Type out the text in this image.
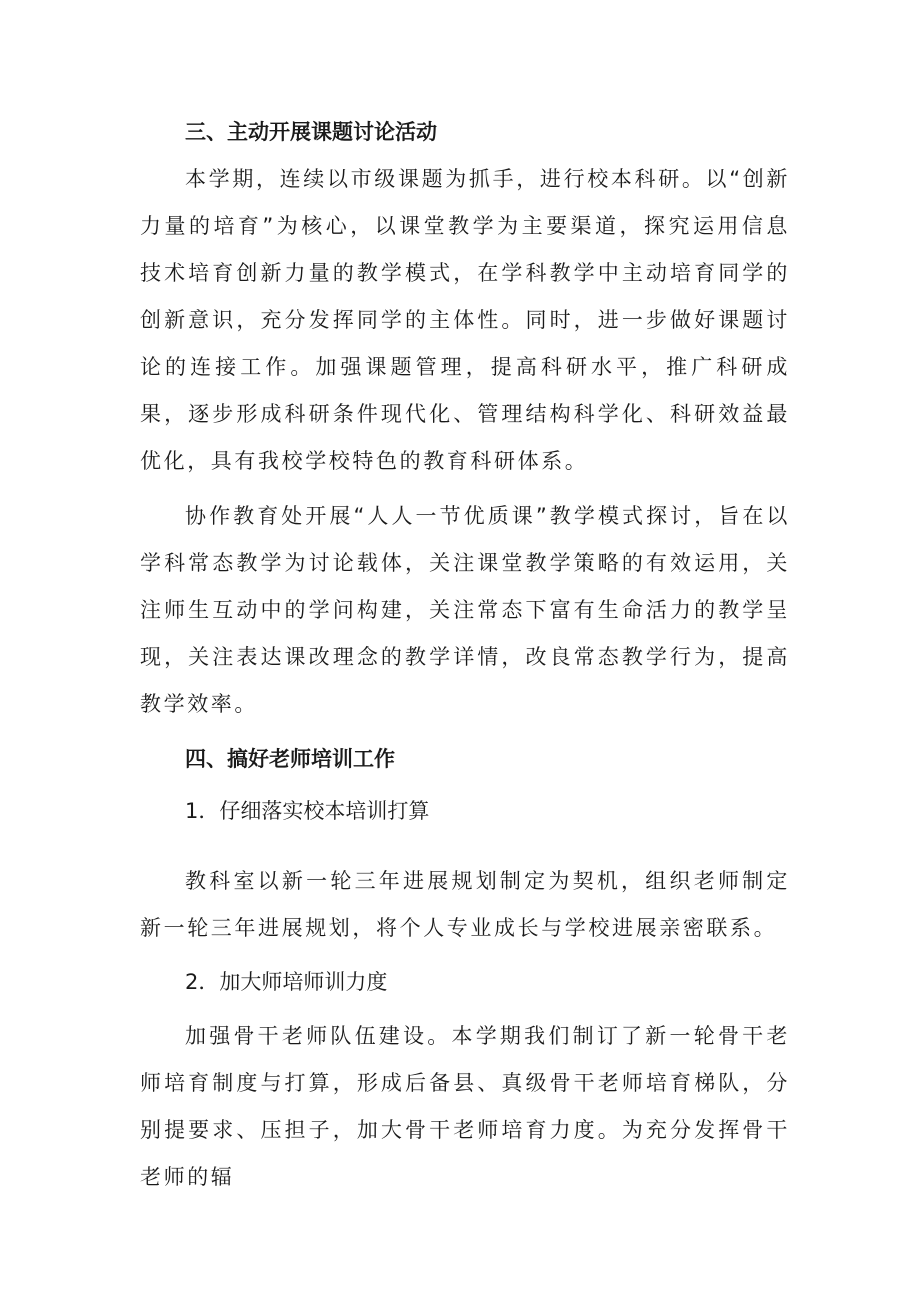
三、主动开展课题讨论活动

本学期，连续以市级课题为抓手，进行校本科研。以“创新力量的培育”为核心，以课堂教学为主要渠道，探究运用信息技术培育创新力量的教学模式，在学科教学中主动培育同学的创新意识，充分发挥同学的主体性。同时，进一步做好课题讨论的连接工作。加强课题管理，提高科研水平，推广科研成果，逐步形成科研条件现代化、管理结构科学化、科研效益最优化，具有我校学校特色的教育科研体系。

协作教育处开展“人人一节优质课”教学模式探讨，旨在以学科常态教学为讨论载体，关注课堂教学策略的有效运用，关注师生互动中的学问构建，关注常态下富有生命活力的教学呈现，关注表达课改理念的教学详情，改良常态教学行为，提高教学效率。

四、搞好老师培训工作
1．仔细落实校本培训打算

教科室以新一轮三年进展规划制定为契机，组织老师制定新一轮三年进展规划，将个人专业成长与学校进展亲密联系。

2．加大师培师训力度

加强骨干老师队伍建设。本学期我们制订了新一轮骨干老师培育制度与打算，形成后备县、真级骨干老师培育梯队，分别提要求、压担子，加大骨干老师培育力度。为充分发挥骨干老师的辐
